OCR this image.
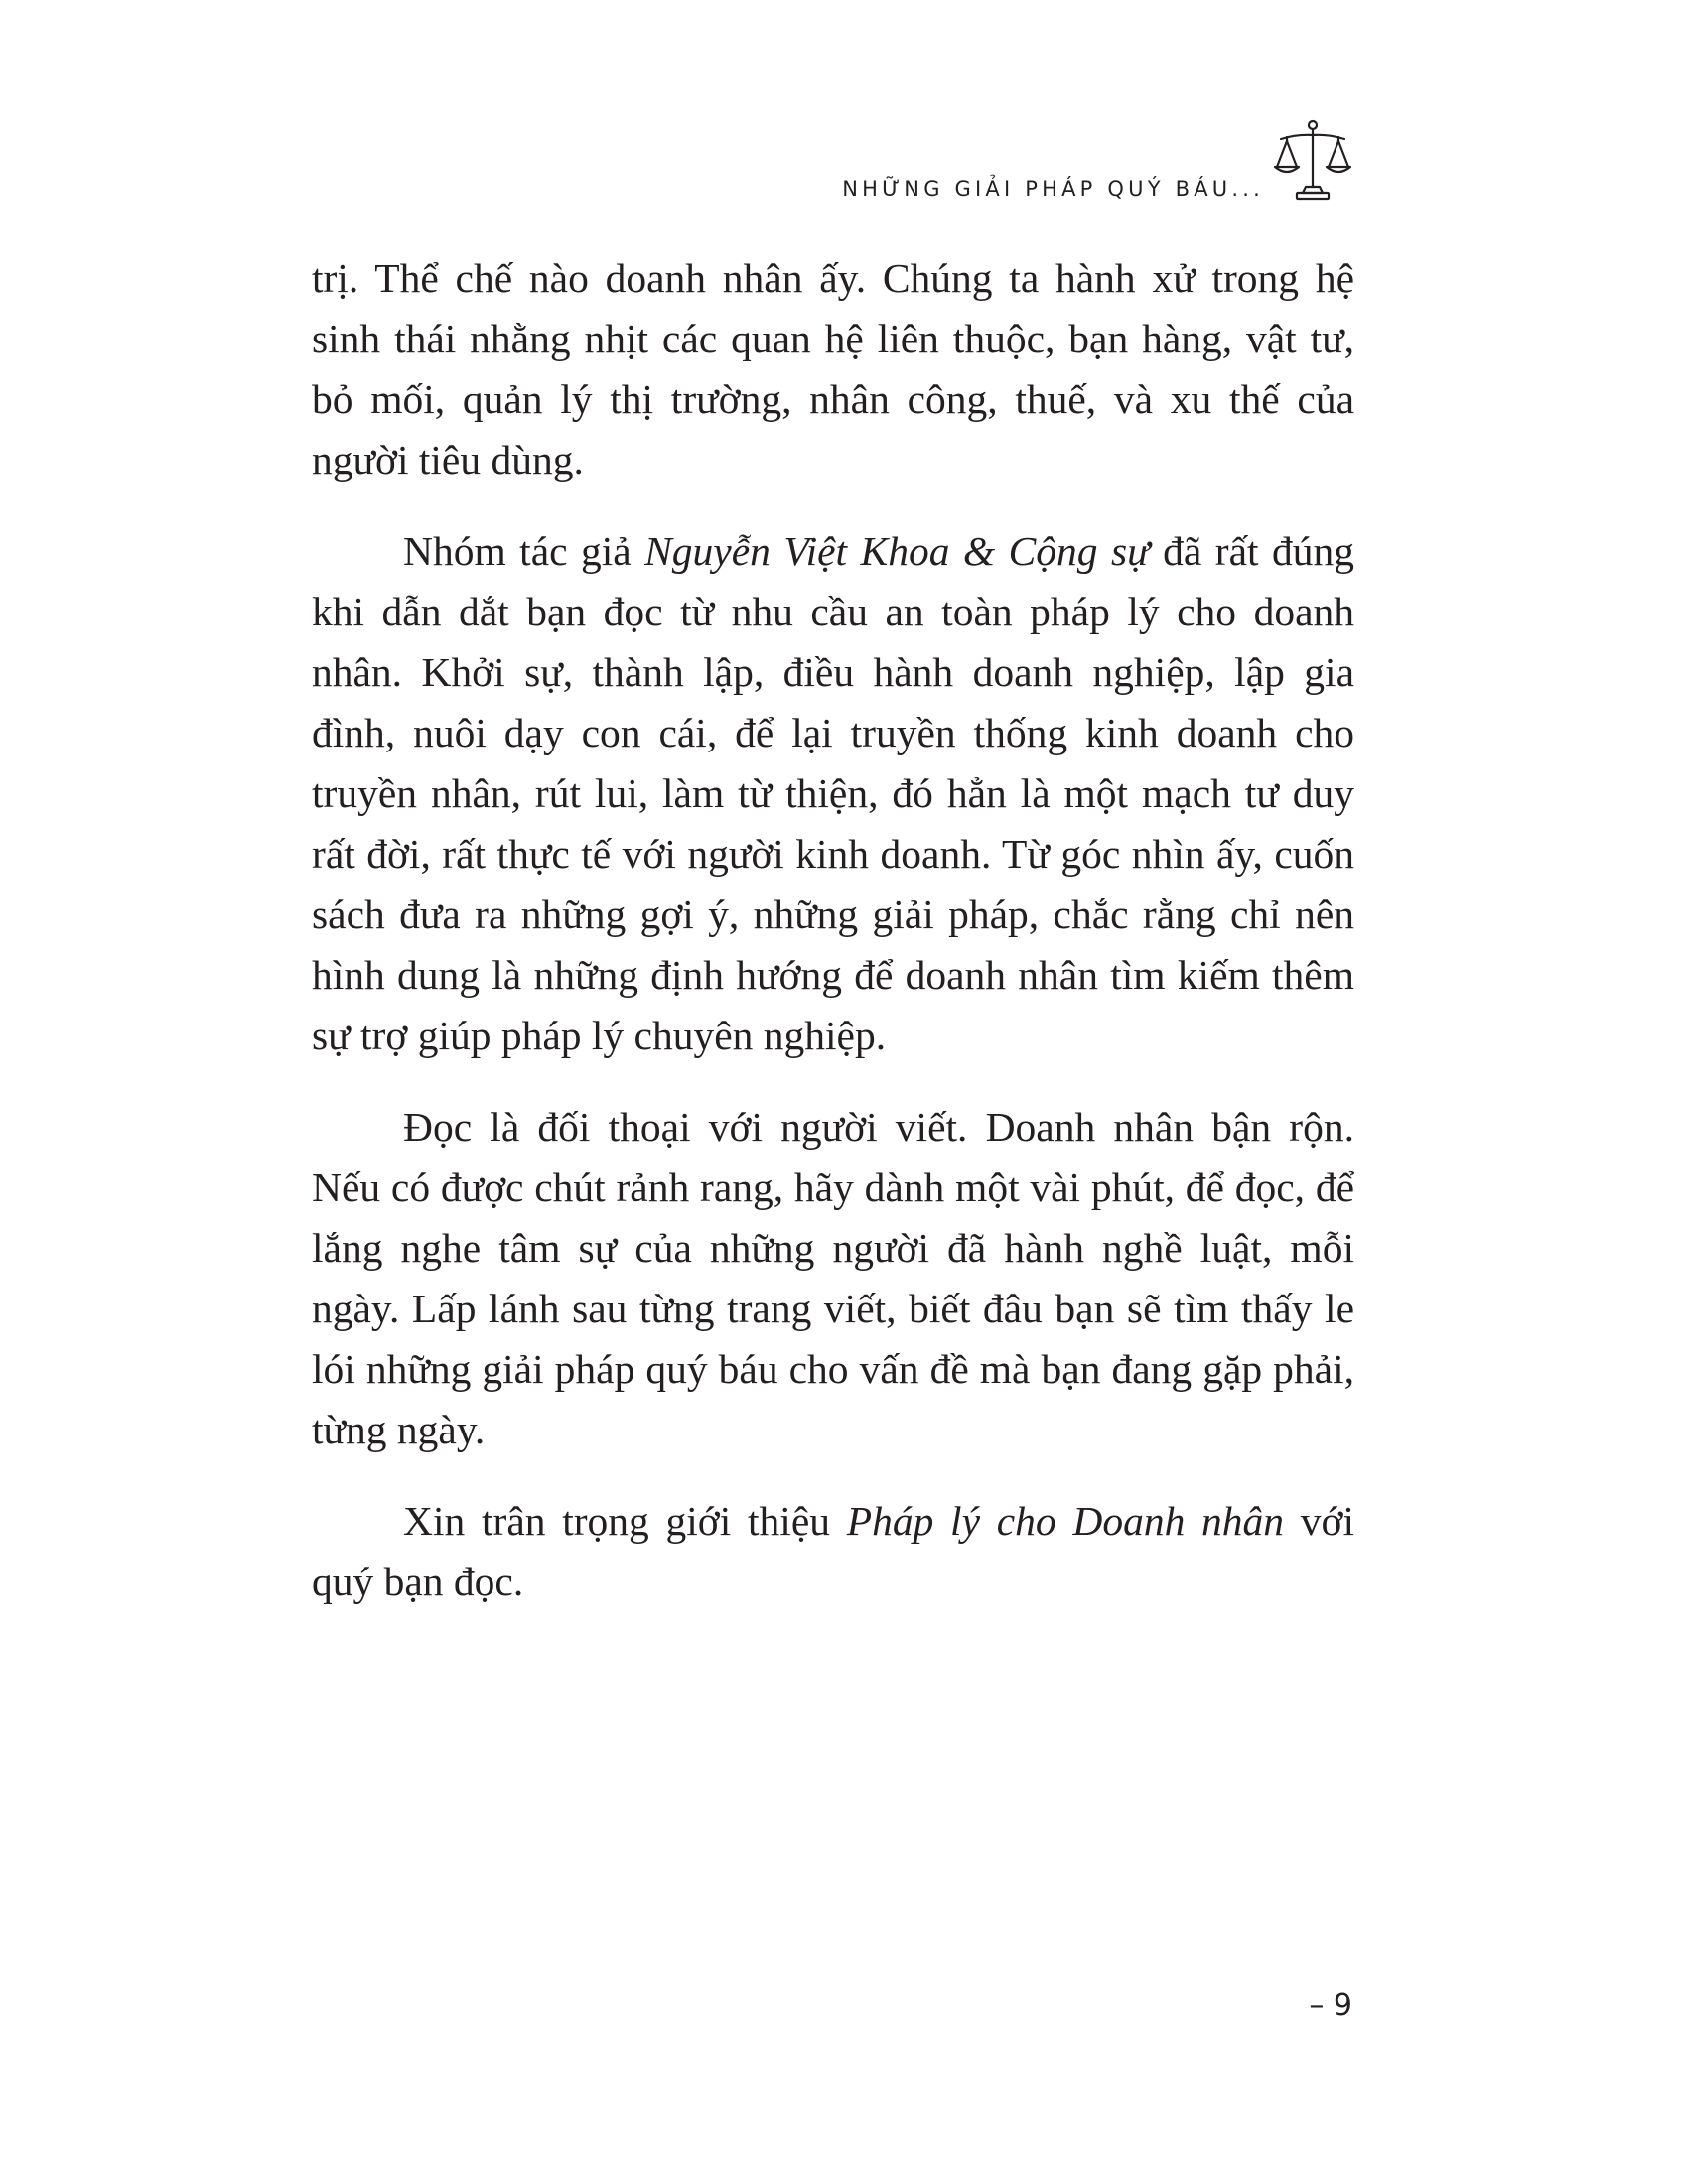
NHỮNG GIẢI PHÁP QUÝ BÁU...

trị. Thể chế nào doanh nhân ấy. Chúng ta hành xử trong hệ sinh thái nhằng nhịt các quan hệ liên thuộc, bạn hàng, vật tư, bỏ mối, quản lý thị trường, nhân công, thuế, và xu thế của người tiêu dùng.

Nhóm tác giả Nguyễn Việt Khoa & Cộng sự đã rất đúng khi dẫn dắt bạn đọc từ nhu cầu an toàn pháp lý cho doanh nhân. Khởi sự, thành lập, điều hành doanh nghiệp, lập gia đình, nuôi dạy con cái, để lại truyền thống kinh doanh cho truyền nhân, rút lui, làm từ thiện, đó hẳn là một mạch tư duy rất đời, rất thực tế với người kinh doanh. Từ góc nhìn ấy, cuốn sách đưa ra những gợi ý, những giải pháp, chắc rằng chỉ nên hình dung là những định hướng để doanh nhân tìm kiếm thêm sự trợ giúp pháp lý chuyên nghiệp.

Đọc là đối thoại với người viết. Doanh nhân bận rộn. Nếu có được chút rảnh rang, hãy dành một vài phút, để đọc, để lắng nghe tâm sự của những người đã hành nghề luật, mỗi ngày. Lấp lánh sau từng trang viết, biết đâu bạn sẽ tìm thấy le lói những giải pháp quý báu cho vấn đề mà bạn đang gặp phải, từng ngày.

Xin trân trọng giới thiệu Pháp lý cho Doanh nhân với quý bạn đọc.

– 9
